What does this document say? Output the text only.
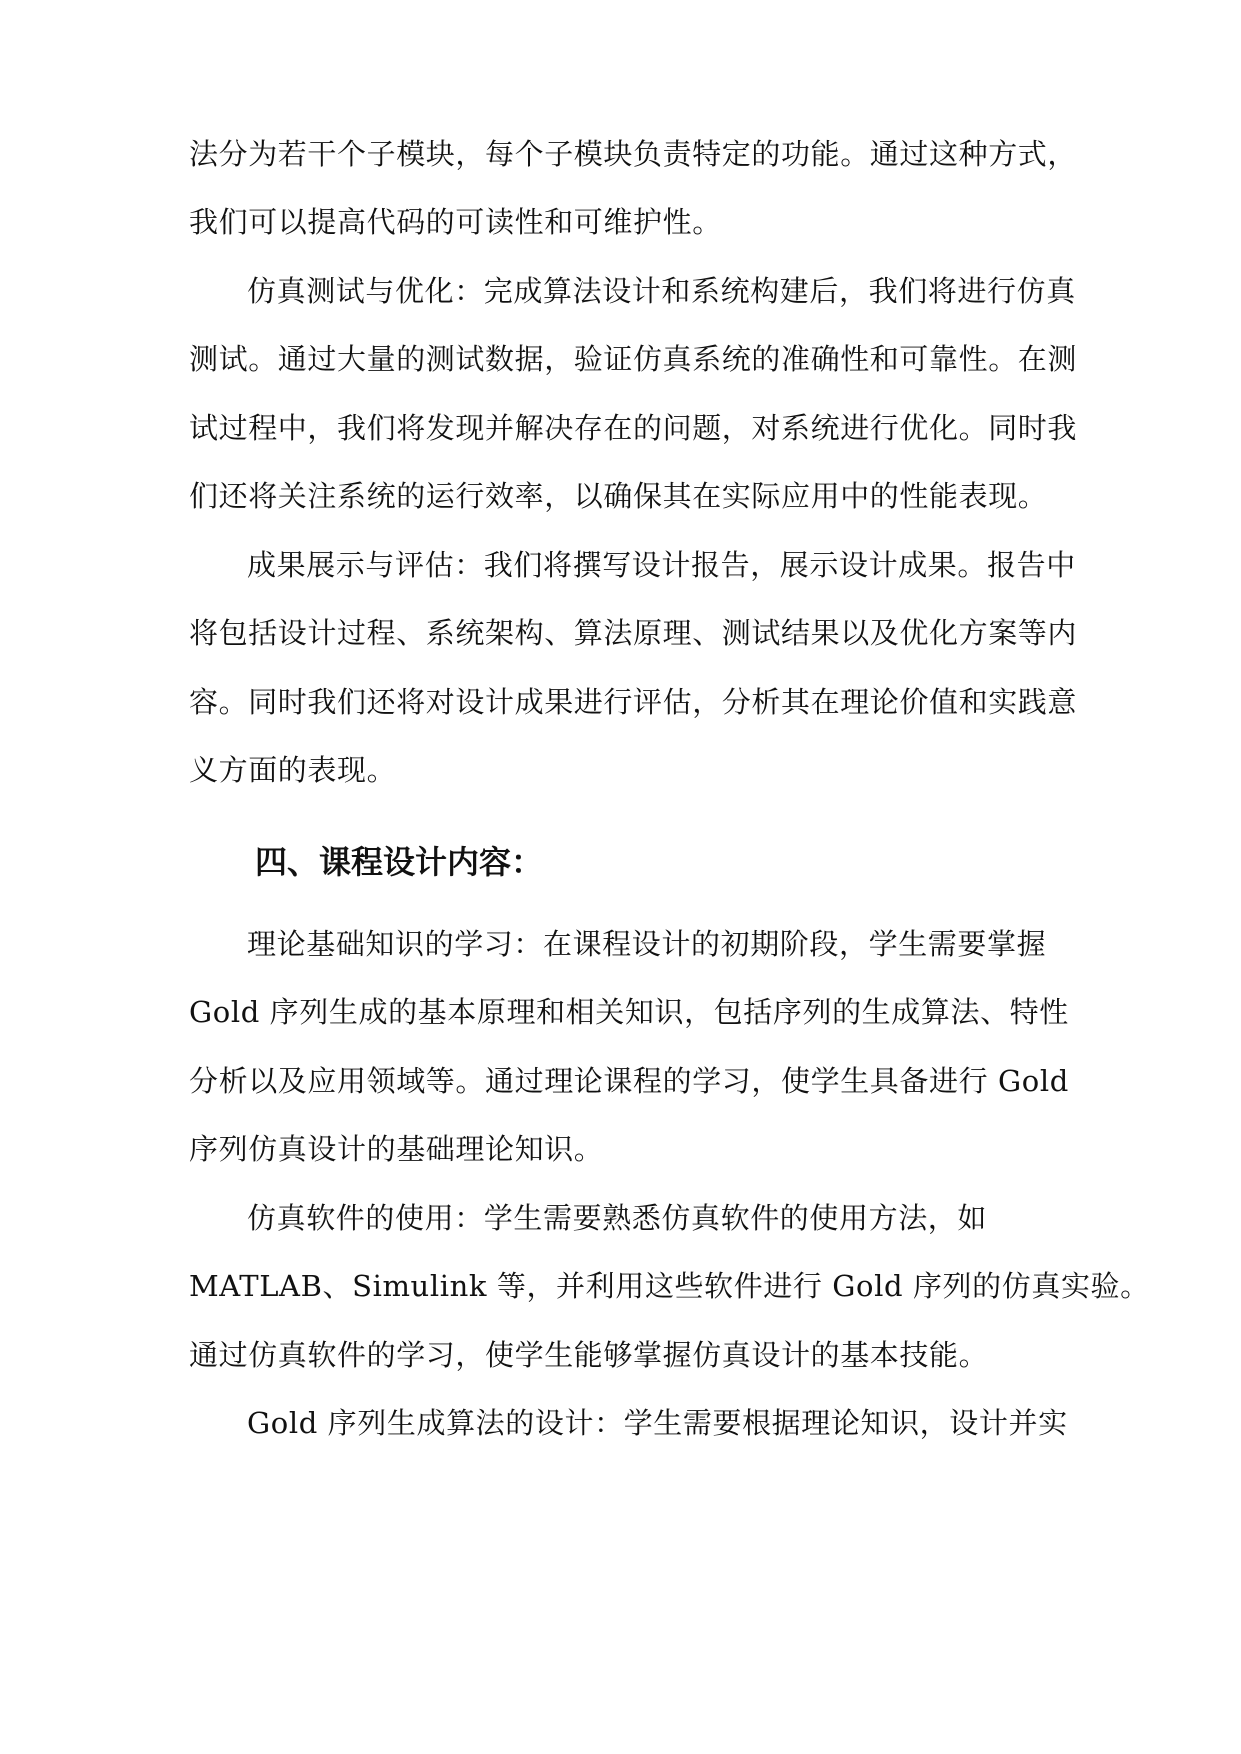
法分为若干个子模块，每个子模块负责特定的功能。通过这种方式，
我们可以提高代码的可读性和可维护性。
仿真测试与优化：完成算法设计和系统构建后，我们将进行仿真
测试。通过大量的测试数据，验证仿真系统的准确性和可靠性。在测
试过程中，我们将发现并解决存在的问题，对系统进行优化。同时我
们还将关注系统的运行效率，以确保其在实际应用中的性能表现。
成果展示与评估：我们将撰写设计报告，展示设计成果。报告中
将包括设计过程、系统架构、算法原理、测试结果以及优化方案等内
容。同时我们还将对设计成果进行评估，分析其在理论价值和实践意
义方面的表现。
四、课程设计内容：
理论基础知识的学习：在课程设计的初期阶段，学生需要掌握
Gold 序列生成的基本原理和相关知识，包括序列的生成算法、特性
分析以及应用领域等。通过理论课程的学习，使学生具备进行 Gold
序列仿真设计的基础理论知识。
仿真软件的使用：学生需要熟悉仿真软件的使用方法，如
MATLAB、Simulink 等，并利用这些软件进行 Gold 序列的仿真实验。
通过仿真软件的学习，使学生能够掌握仿真设计的基本技能。
Gold 序列生成算法的设计：学生需要根据理论知识，设计并实
